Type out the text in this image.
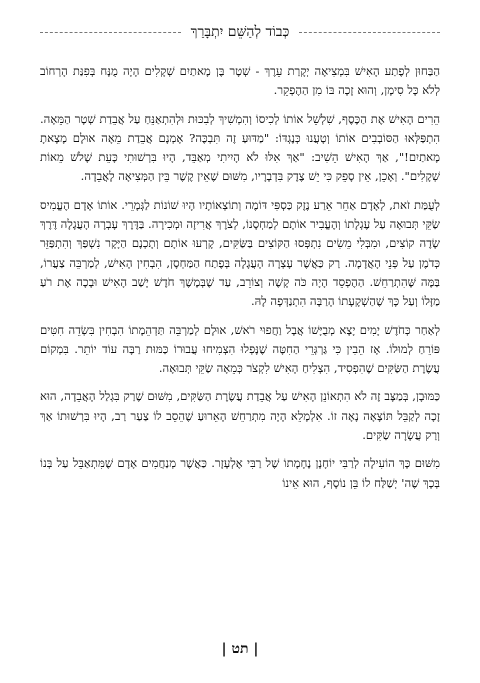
כְּבוֹד לְהַשֵּׁם יִתְבָּרַךְ

הַבַּחוּן לְפֶתַע הָאִישׁ בִּמְצִיאָה יְקָרַת עֵרֶךְ - שְׁטָר בֶּן מָאתַיִם שְׁקָלִים הָיָה מֻנָּח בְּפִנַּת הָרְחוֹב לְלֹא כָּל סִימָן, וְהוּא זָכָה בּוֹ מִן הַהֶפְקֵר.

הֵרִים הָאִישׁ אֶת הַכֶּסֶף, שִׁלְשֵׁל אוֹתוֹ לְכִיסוֹ וְהִמְשִׁיךְ לְבִכּוּת וּלְהִתְאַנֵּחַ עַל אֲבֵדַת שְׁטָר הַמֵּאָה. הִתְפַּלְּאוּ הַסּוֹבְבִים אוֹתוֹ וְטָעֲנוּ כְּנֶגְדּוֹ: "מַדּוּעַ זֶה תִּבְכֶּה? אָמְנָם אֲבֵדַת מֵאָה אוּלָם מָצָאתָ מָאתַיִם!", אַךְ הָאִישׁ הֵשִׁיב: "אַךְ אִלּוּ לֹא הָיִיתִי מְאַבֵּד, הָיוּ בִּרְשׁוּתִי כָּעֵת שָׁלֹשׁ מֵאוֹת שְׁקָלִים". וְאָכֵן, אֵין סָפֵק כִּי יֵשׁ צֶדֶק בִּדְבָרָיו, מִשּׁוּם שֶׁאֵין קֶשֶׁר בֵּין הַמְּצִיאָה לָאֲבֵדָה.

לְעֻמַּת זֹאת, לְאָדָם אַחֵר אֵרַע נֶזֶק כַּסְפִּי דּוֹמֶה וְתוֹצְאוֹתָיו הָיוּ שׁוֹנוֹת לַגְּמָרֵי. אוֹתוֹ אָדָם הֶעֱמִיס שַׂקֵּי תְּבוּאָה עַל עֶגְלָתוֹ וְהֶעֱבִיר אוֹתָם לְמַחְסָנוֹ, לְצֹרֶךְ אֲרִיזָה וּמְכִירָה. בַּדֶּרֶךְ עָבְרָה הָעֲגָלָה דֶּרֶךְ שָׂדֶה קוֹצִים, וּמִבְּלִי מֵשִׂים נִתְפְּסוּ הַקּוֹצִים בַּשַּׂקִּים, קָרְעוּ אוֹתָם וְתָכְנָם הַיָּקָר נִשְׁפַּךְ וְהִתְפַּזֵּר כְּדֹמֶן עַל פְּנֵי הָאֲדָמָה. רַק כַּאֲשֶׁר עָצְרָה הָעֲגָלָה בְּפֶתַח הַמַּחְסָן, הִבְחִין הָאִישׁ, לְמַרְבֵּה צַעֲרוֹ, בַּמֶּה שֶּׁהִתְרַחֵשׁ. הַהֶפְסֵד הָיָה כֹּה קָשֶׁה וְצוֹרֵב, עַד שֶׁבְּמֶשֶׁךְ חֹדֶשׁ יָשַׁב הָאִישׁ וּבָכָה אֶת רֹעַ מַזָּלוֹ וְעַל כָּךְ שֶׁהַשְׁקָעָתוֹ הָרַבָּה הִתְנַדְּפָה לָהּ.

לְאַחַר כְּחֹדֶשׁ יָמִים יָצָא מְבֻיָּשׁוֹ אֲבָל וַחֲפוּי רֹאשׁ, אוּלָם לְמַרְבֵּה תַּדְהֵמָתוֹ הִבְחִין בִּשְׂדֵה חִטִּים פּוֹרֵחַ לְמוּלוֹ. אָז הֵבִין כִּי גַּרְגְּרֵי הַחִטָּה שֶׁנָּפְלוּ הִצְמִיחוּ עֲבוּרוֹ כַּמּוּת רַבָּה עוֹד יוֹתֵר. בִּמְקוֹם עֲשֶׂרֶת הַשַּׂקִּים שֶׁהִפְסִיד, הִצְלִיחַ הָאִישׁ לִקְצֹר כְּמֵאָה שַׂקֵּי תְּבוּאָה.

כַּמּוּבָן, בְּמַצָּב זֶה לֹא הִתְאוֹנֵן הָאִישׁ עַל אֲבֵדַת עֲשֶׂרֶת הַשַּׂקִּים, מִשּׁוּם שֶׁרַק בִּגְלַל הָאֲבֵדָה, הוּא זָכָה לְקַבֵּל תּוֹצָאָה נָאָה זוֹ. אִלְמָלֵא הָיָה מִתְרַחֵשׁ הָאֵרוּעַ שֶׁהֵסֵב לוֹ צַעַר רַב, הָיוּ בִּרְשׁוּתוֹ אַךְ וְרַק עֲשָׂרָה שַׂקִּים.

מִשּׁוּם כָּךְ הוֹעִילָה לְרַבִּי יוֹחָנָן נֶחָמָתוֹ שֶׁל רַבִּי אֶלְעָזָר. כַּאֲשֶׁר מְנַחֲמִים אָדָם שֶׁמִּתְאַבֵּל עַל בְּנוֹ בְּכָךְ שֶׁה' יְשַׁלַּח לוֹ בֵּן נוֹסָף, הוּא אֵינוֹ

| תט |
